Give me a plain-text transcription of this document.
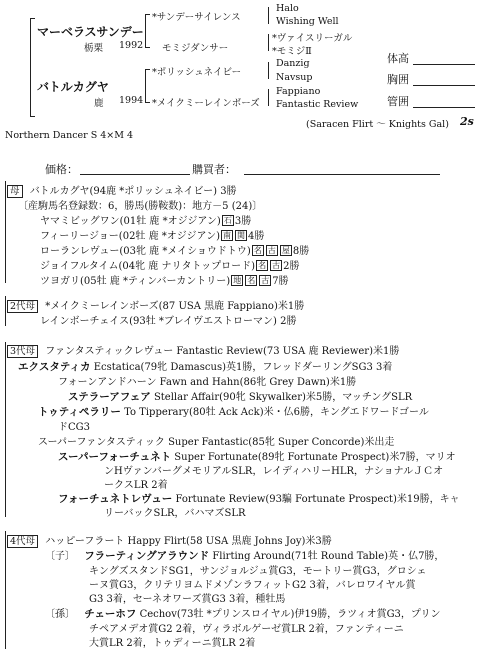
マーベラスサンデー
栃栗 1992
バトルカグヤ
鹿 1994
*サンデーサイレンス
モミジダンサー
*ポリッシュネイビー
*メイクミーレインボーズ
Halo
Wishing Well
*ヴァイスリーガル
*モミジⅡ
Danzig
Navsup
Fappiano
Fantastic Review
体高
胸囲
管囲
(Saracen Flirt ～ Knights Gal) 2s
Northern Dancer S 4×M 4
価格：	購買者：
母 バトルカグヤ(94鹿 *ポリッシュネイビー) 3勝
〔産駒馬名登録数：6，勝馬(勝鞍数)：地方－5 (24)〕
ヤマミビッグワン(01牡 鹿 *オジジアン) 石 3勝
フィーリージョー(02牡 鹿 *オジジアン) 南 関 4勝
ローランレヴュー(03牝 鹿 *メイショウドトウ) 名 古 屋 8勝
ジョイフルタイム(04牝 鹿 ナリタトップロード) 名 古 2勝
ツヨガリ(05牡 鹿 *ティンバーカントリー) 地 名 古 7勝
2代母 *メイクミーレインボーズ(87 USA 黒鹿 Fappiano)米1勝
レインボーチェイス(93牡 *ブレイヴエストローマン) 2勝
3代母 ファンタスティックレヴュー Fantastic Review(73 USA 鹿 Reviewer)米1勝
エクスタティカ Ecstatica(79牝 Damascus)英1勝，フレッドダーリングSG3 3着
フォーンアンドハーン Fawn and Hahn(86牝 Grey Dawn)米1勝
ステラーアフェア Stellar Affair(90牝 Skywalker)米5勝，マッチングSLR
トゥティペラリー To Tipperary(80牡 Ack Ack)米・仏6勝，キングエドワードゴール
ドCG3
スーパーファンタスティック Super Fantastic(85牝 Super Concorde)米出走
スーパーフォーチュネト Super Fortunate(89牝 Fortunate Prospect)米7勝，マリオ
ンHヴァンバーグメモリアルSLR，レイディハリーHLR，ナショナルＪＣオ
ークスLR 2着
フォーチュネトレヴュー Fortunate Review(93騙 Fortunate Prospect)米19勝，キャ
リーバックSLR，バハマズSLR
4代母 ハッピーフラート Happy Flirt(58 USA 黒鹿 Johns Joy)米3勝
〔子〕 フラーティングアラウンド Flirting Around(71牡 Round Table)英・仏7勝，
キングズスタンドSG1，サンジョルジュ賞G3，モートリー賞G3，グロシェ
ーヌ賞G3，クリテリヨムドメゾンラフィットG2 3着，バレロワイヤル賞
G3 3着，セーネオワーズ賞G3 3着，種牡馬
〔孫〕 チェーホフ Cechov(73牡 *プリンスロイヤル)伊19勝，ラツィオ賞G3，プリン
チペアメデオ賞G2 2着，ヴィラボルゲーゼ賞LR 2着，ファンティーニ
大賞LR 2着，トゥディーニ賞LR 2着
